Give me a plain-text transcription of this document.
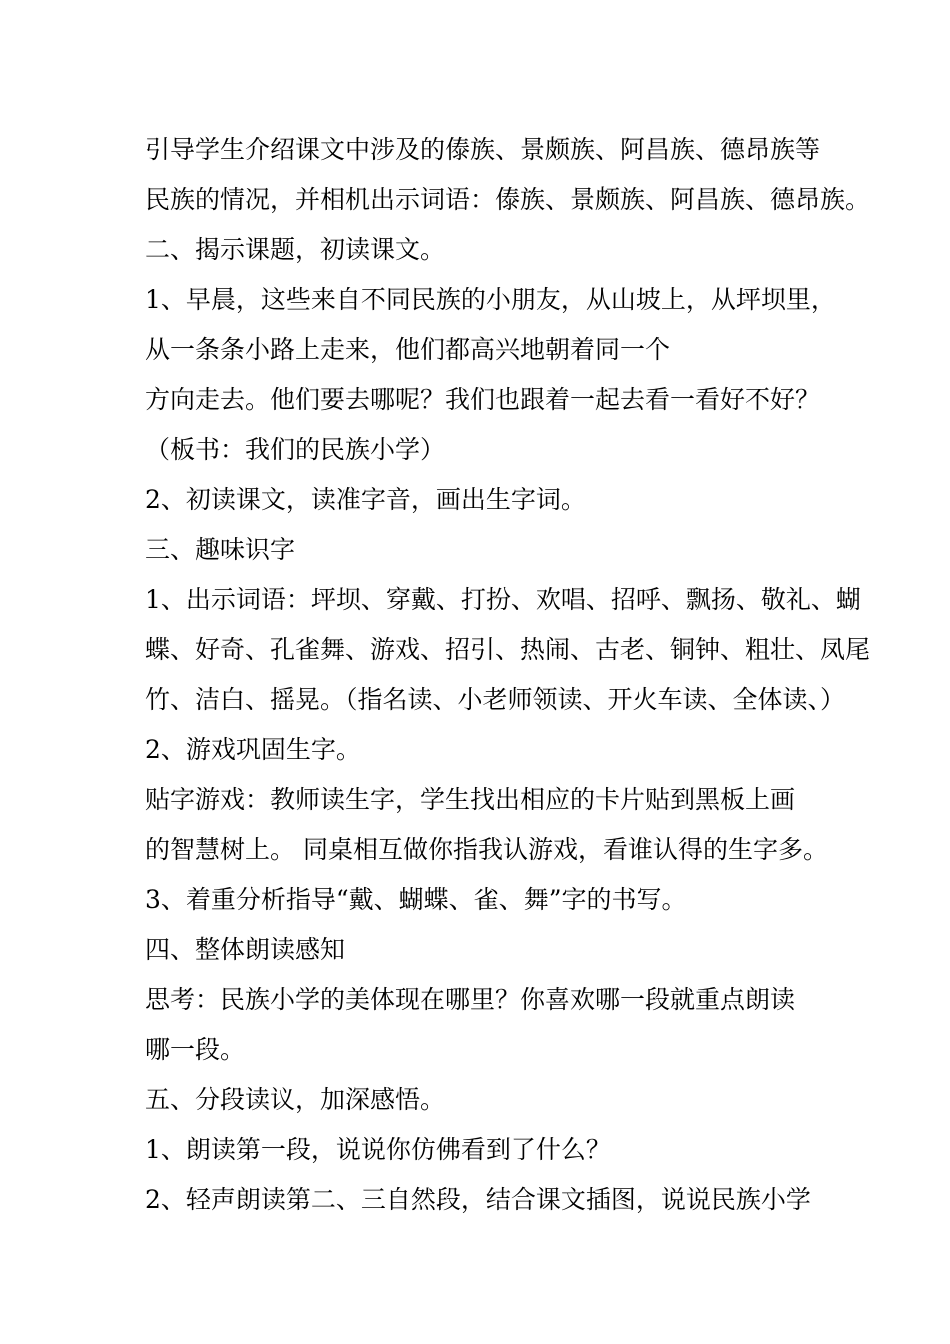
引导学生介绍课文中涉及的傣族、景颇族、阿昌族、德昂族等

民族的情况，并相机出示词语：傣族、景颇族、阿昌族、德昂族。

二、揭示课题，初读课文。

1、早晨，这些来自不同民族的小朋友，从山坡上，从坪坝里，

从一条条小路上走来，他们都高兴地朝着同一个

方向走去。他们要去哪呢？我们也跟着一起去看一看好不好？

（板书：我们的民族小学）

2、初读课文，读准字音，画出生字词。

三、趣味识字

1、出示词语：坪坝、穿戴、打扮、欢唱、招呼、飘扬、敬礼、蝴

蝶、好奇、孔雀舞、游戏、招引、热闹、古老、铜钟、粗壮、凤尾

竹、洁白、摇晃。（指名读、小老师领读、开火车读、全体读、）

2、游戏巩固生字。

贴字游戏：教师读生字，学生找出相应的卡片贴到黑板上画

的智慧树上。 同桌相互做你指我认游戏，看谁认得的生字多。

3、着重分析指导“戴、蝴蝶、雀、舞”字的书写。

四、整体朗读感知

思考：民族小学的美体现在哪里？你喜欢哪一段就重点朗读

哪一段。

五、分段读议，加深感悟。

1、朗读第一段，说说你仿佛看到了什么？

2、轻声朗读第二、三自然段，结合课文插图，说说民族小学
